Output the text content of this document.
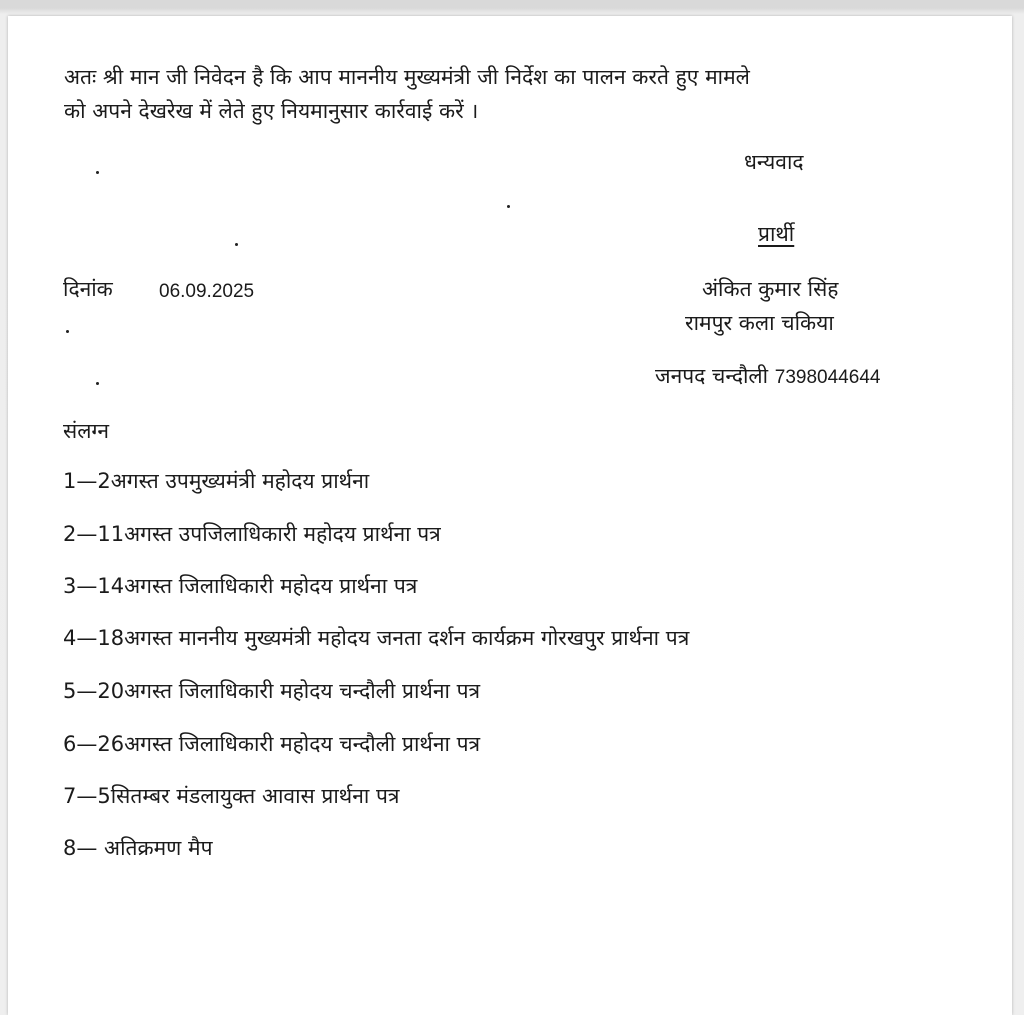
अतः श्री मान जी निवेदन है कि आप माननीय मुख्यमंत्री जी निर्देश का पालन करते हुए मामले
को अपने देखरेख में लेते हुए नियमानुसार कार्रवाई करें ।
धन्यवाद
प्रार्थी
दिनांक 06.09.2025	अंकित कुमार सिंह
रामपुर कला चकिया
जनपद चन्दौली 7398044644
संलग्न
1—2अगस्त उपमुख्यमंत्री महोदय प्रार्थना
2—11अगस्त उपजिलाधिकारी महोदय प्रार्थना पत्र
3—14अगस्त जिलाधिकारी महोदय प्रार्थना पत्र
4—18अगस्त माननीय मुख्यमंत्री महोदय जनता दर्शन कार्यक्रम गोरखपुर प्रार्थना पत्र
5—20अगस्त जिलाधिकारी महोदय चन्दौली प्रार्थना पत्र
6—26अगस्त जिलाधिकारी महोदय चन्दौली प्रार्थना पत्र
7—5सितम्बर मंडलायुक्त आवास प्रार्थना पत्र
8— अतिक्रमण मैप
